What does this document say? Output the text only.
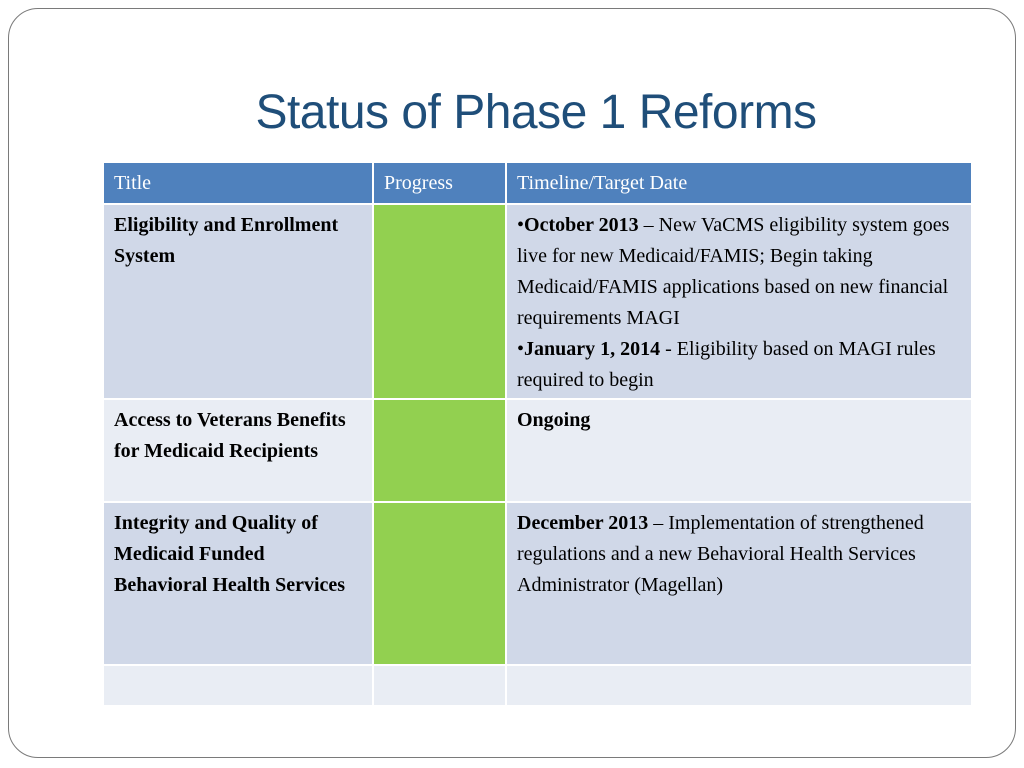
Status of Phase 1 Reforms
Title	Progress	Timeline/Target Date
Eligibility and Enrollment System		•October 2013 – New VaCMS eligibility system goes live for new Medicaid/FAMIS; Begin taking Medicaid/FAMIS applications based on new financial requirements MAGI
•January 1, 2014 - Eligibility based on MAGI rules required to begin
Access to Veterans Benefits for Medicaid Recipients		Ongoing
Integrity and Quality of Medicaid Funded Behavioral Health Services		December 2013 – Implementation of strengthened regulations and a new Behavioral Health Services Administrator (Magellan)
